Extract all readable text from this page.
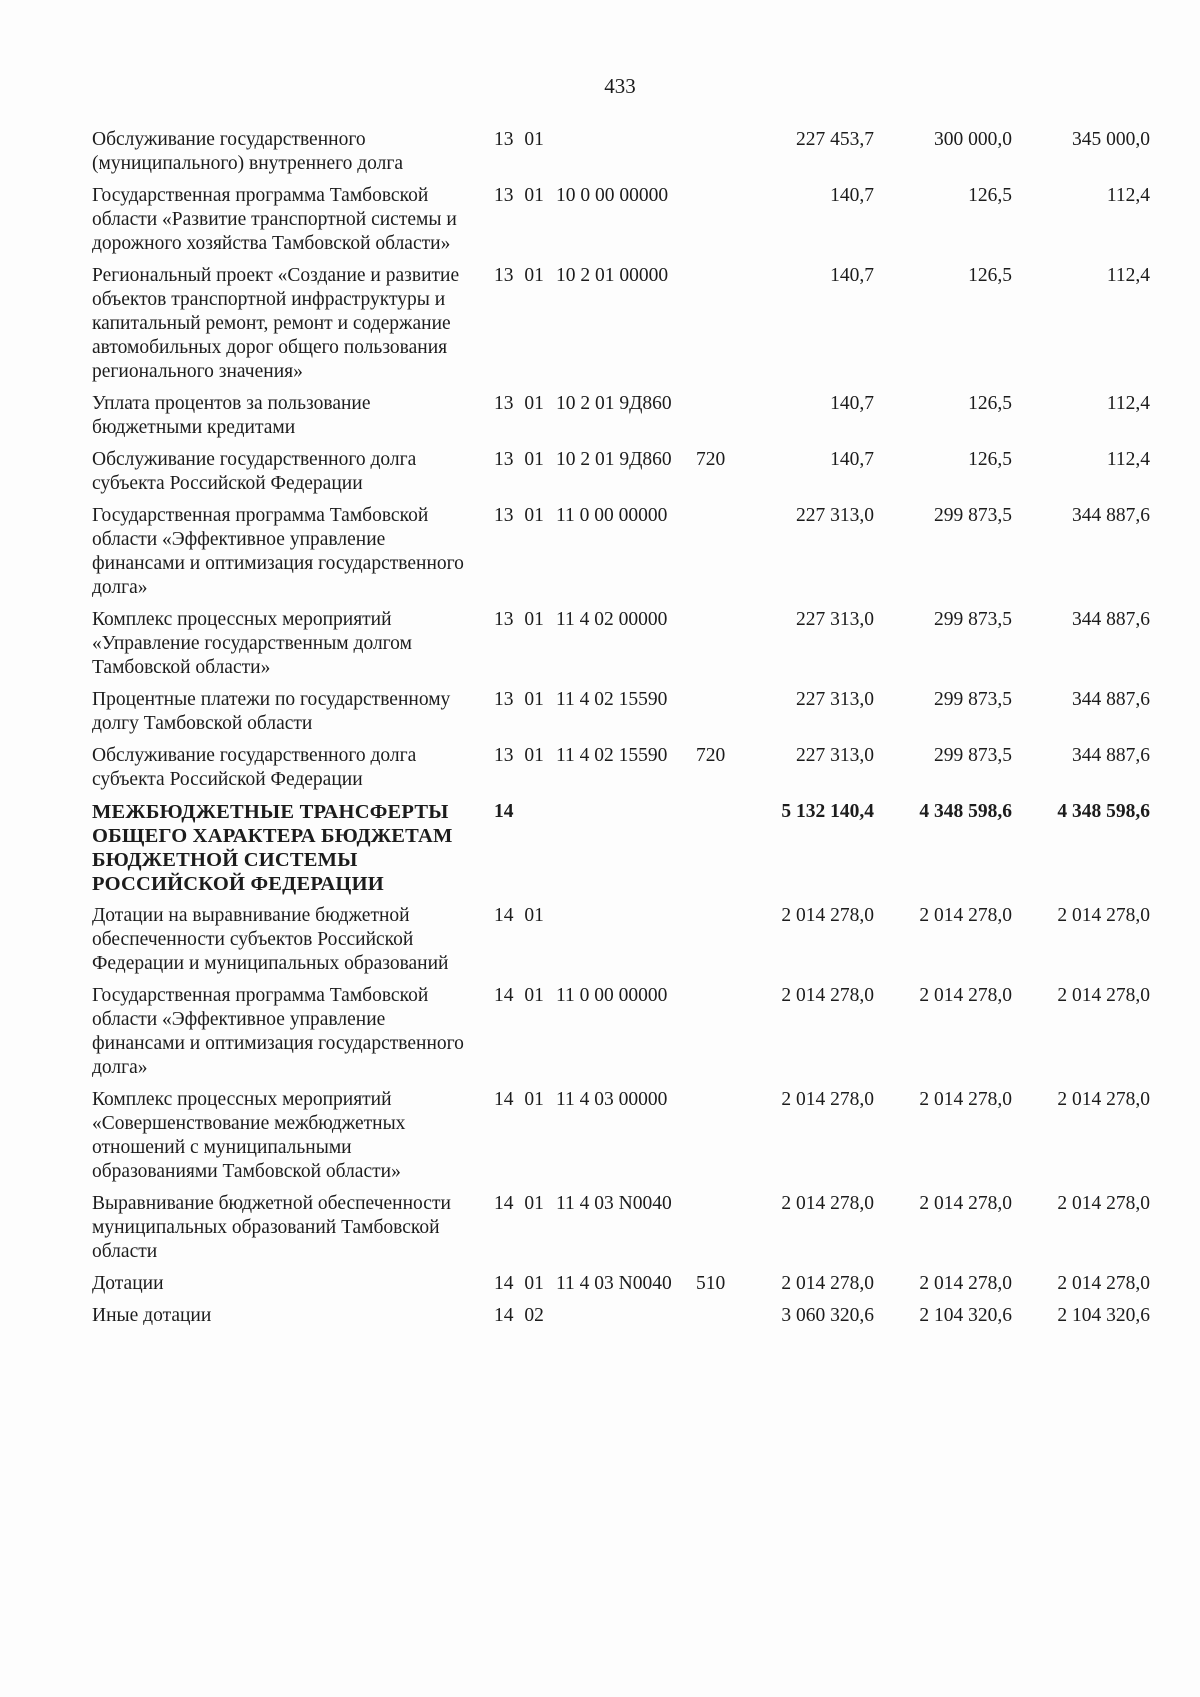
433
Обслуживание государственного (муниципального) внутреннего долга
13 01	227 453,7	300 000,0	345 000,0
Государственная программа Тамбовской области «Развитие транспортной системы и дорожного хозяйства Тамбовской области»
13 01 10 0 00 00000	140,7	126,5	112,4
Региональный проект «Создание и развитие объектов транспортной инфраструктуры и капитальный ремонт, ремонт и содержание автомобильных дорог общего пользования регионального значения»
13 01 10 2 01 00000	140,7	126,5	112,4
Уплата процентов за пользование бюджетными кредитами
13 01 10 2 01 9Д860	140,7	126,5	112,4
Обслуживание государственного долга субъекта Российской Федерации
13 01 10 2 01 9Д860	720	140,7	126,5	112,4
Государственная программа Тамбовской области «Эффективное управление финансами и оптимизация государственного долга»
13 01 11 0 00 00000	227 313,0	299 873,5	344 887,6
Комплекс процессных мероприятий «Управление государственным долгом Тамбовской области»
13 01 11 4 02 00000	227 313,0	299 873,5	344 887,6
Процентные платежи по государственному долгу Тамбовской области
13 01 11 4 02 15590	227 313,0	299 873,5	344 887,6
Обслуживание государственного долга субъекта Российской Федерации
13 01 11 4 02 15590	720	227 313,0	299 873,5	344 887,6
МЕЖБЮДЖЕТНЫЕ ТРАНСФЕРТЫ ОБЩЕГО ХАРАКТЕРА БЮДЖЕТАМ БЮДЖЕТНОЙ СИСТЕМЫ РОССИЙСКОЙ ФЕДЕРАЦИИ
14	5 132 140,4	4 348 598,6	4 348 598,6
Дотации на выравнивание бюджетной обеспеченности субъектов Российской Федерации и муниципальных образований
14 01	2 014 278,0	2 014 278,0	2 014 278,0
Государственная программа Тамбовской области «Эффективное управление финансами и оптимизация государственного долга»
14 01 11 0 00 00000	2 014 278,0	2 014 278,0	2 014 278,0
Комплекс процессных мероприятий «Совершенствование межбюджетных отношений с муниципальными образованиями Тамбовской области»
14 01 11 4 03 00000	2 014 278,0	2 014 278,0	2 014 278,0
Выравнивание бюджетной обеспеченности муниципальных образований Тамбовской области
14 01 11 4 03 N0040	2 014 278,0	2 014 278,0	2 014 278,0
Дотации	14 01 11 4 03 N0040	510	2 014 278,0	2 014 278,0	2 014 278,0
Иные дотации	14 02	3 060 320,6	2 104 320,6	2 104 320,6
